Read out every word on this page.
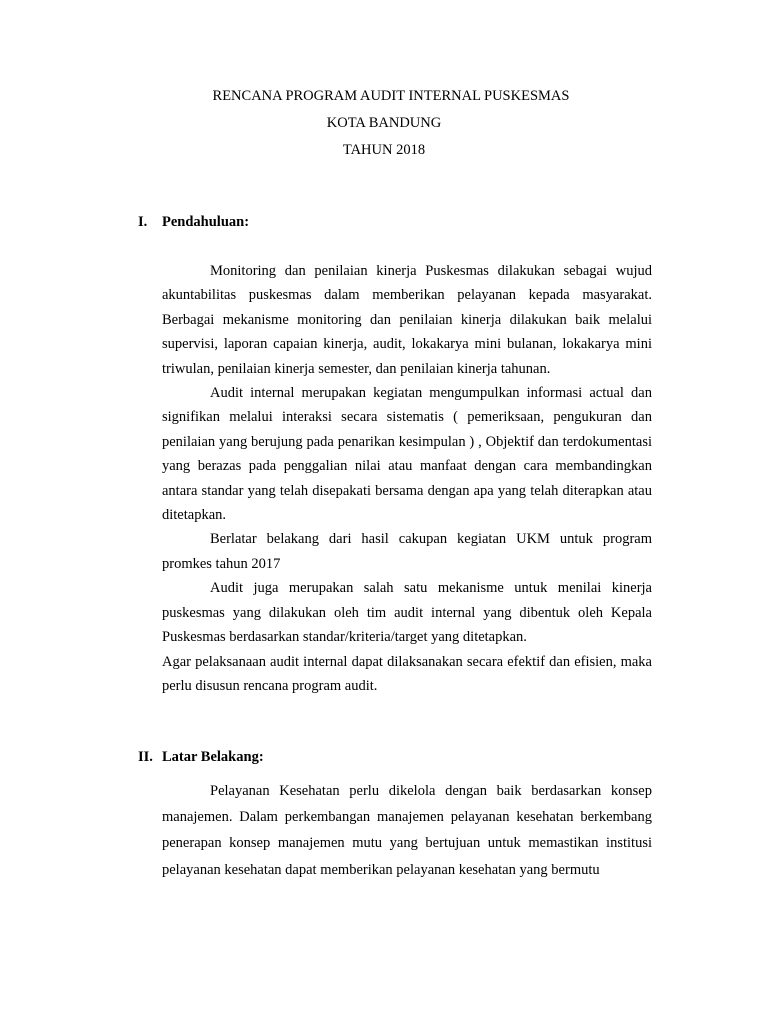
RENCANA PROGRAM AUDIT INTERNAL PUSKESMAS
KOTA BANDUNG
TAHUN 2018
I. Pendahuluan:

Monitoring dan penilaian kinerja Puskesmas dilakukan sebagai wujud akuntabilitas puskesmas dalam memberikan pelayanan kepada masyarakat. Berbagai mekanisme monitoring dan penilaian kinerja dilakukan baik melalui supervisi, laporan capaian kinerja, audit, lokakarya mini bulanan, lokakarya mini triwulan, penilaian kinerja semester, dan penilaian kinerja tahunan.

Audit internal merupakan kegiatan mengumpulkan informasi actual dan signifikan melalui interaksi secara sistematis ( pemeriksaan, pengukuran dan penilaian yang berujung pada penarikan kesimpulan ) , Objektif dan terdokumentasi yang berazas pada penggalian nilai atau manfaat dengan cara membandingkan antara standar yang telah disepakati bersama dengan apa yang telah diterapkan atau ditetapkan.

Berlatar belakang dari hasil cakupan kegiatan UKM untuk program promkes tahun 2017

Audit juga merupakan salah satu mekanisme untuk menilai kinerja puskesmas yang dilakukan oleh tim audit internal yang dibentuk oleh Kepala Puskesmas berdasarkan standar/kriteria/target yang ditetapkan.

Agar pelaksanaan audit internal dapat dilaksanakan secara efektif dan efisien, maka perlu disusun rencana program audit.

II. Latar Belakang:

Pelayanan Kesehatan perlu dikelola dengan baik berdasarkan konsep manajemen. Dalam perkembangan manajemen pelayanan kesehatan berkembang penerapan konsep manajemen mutu yang bertujuan untuk memastikan institusi pelayanan kesehatan dapat memberikan pelayanan kesehatan yang bermutu
